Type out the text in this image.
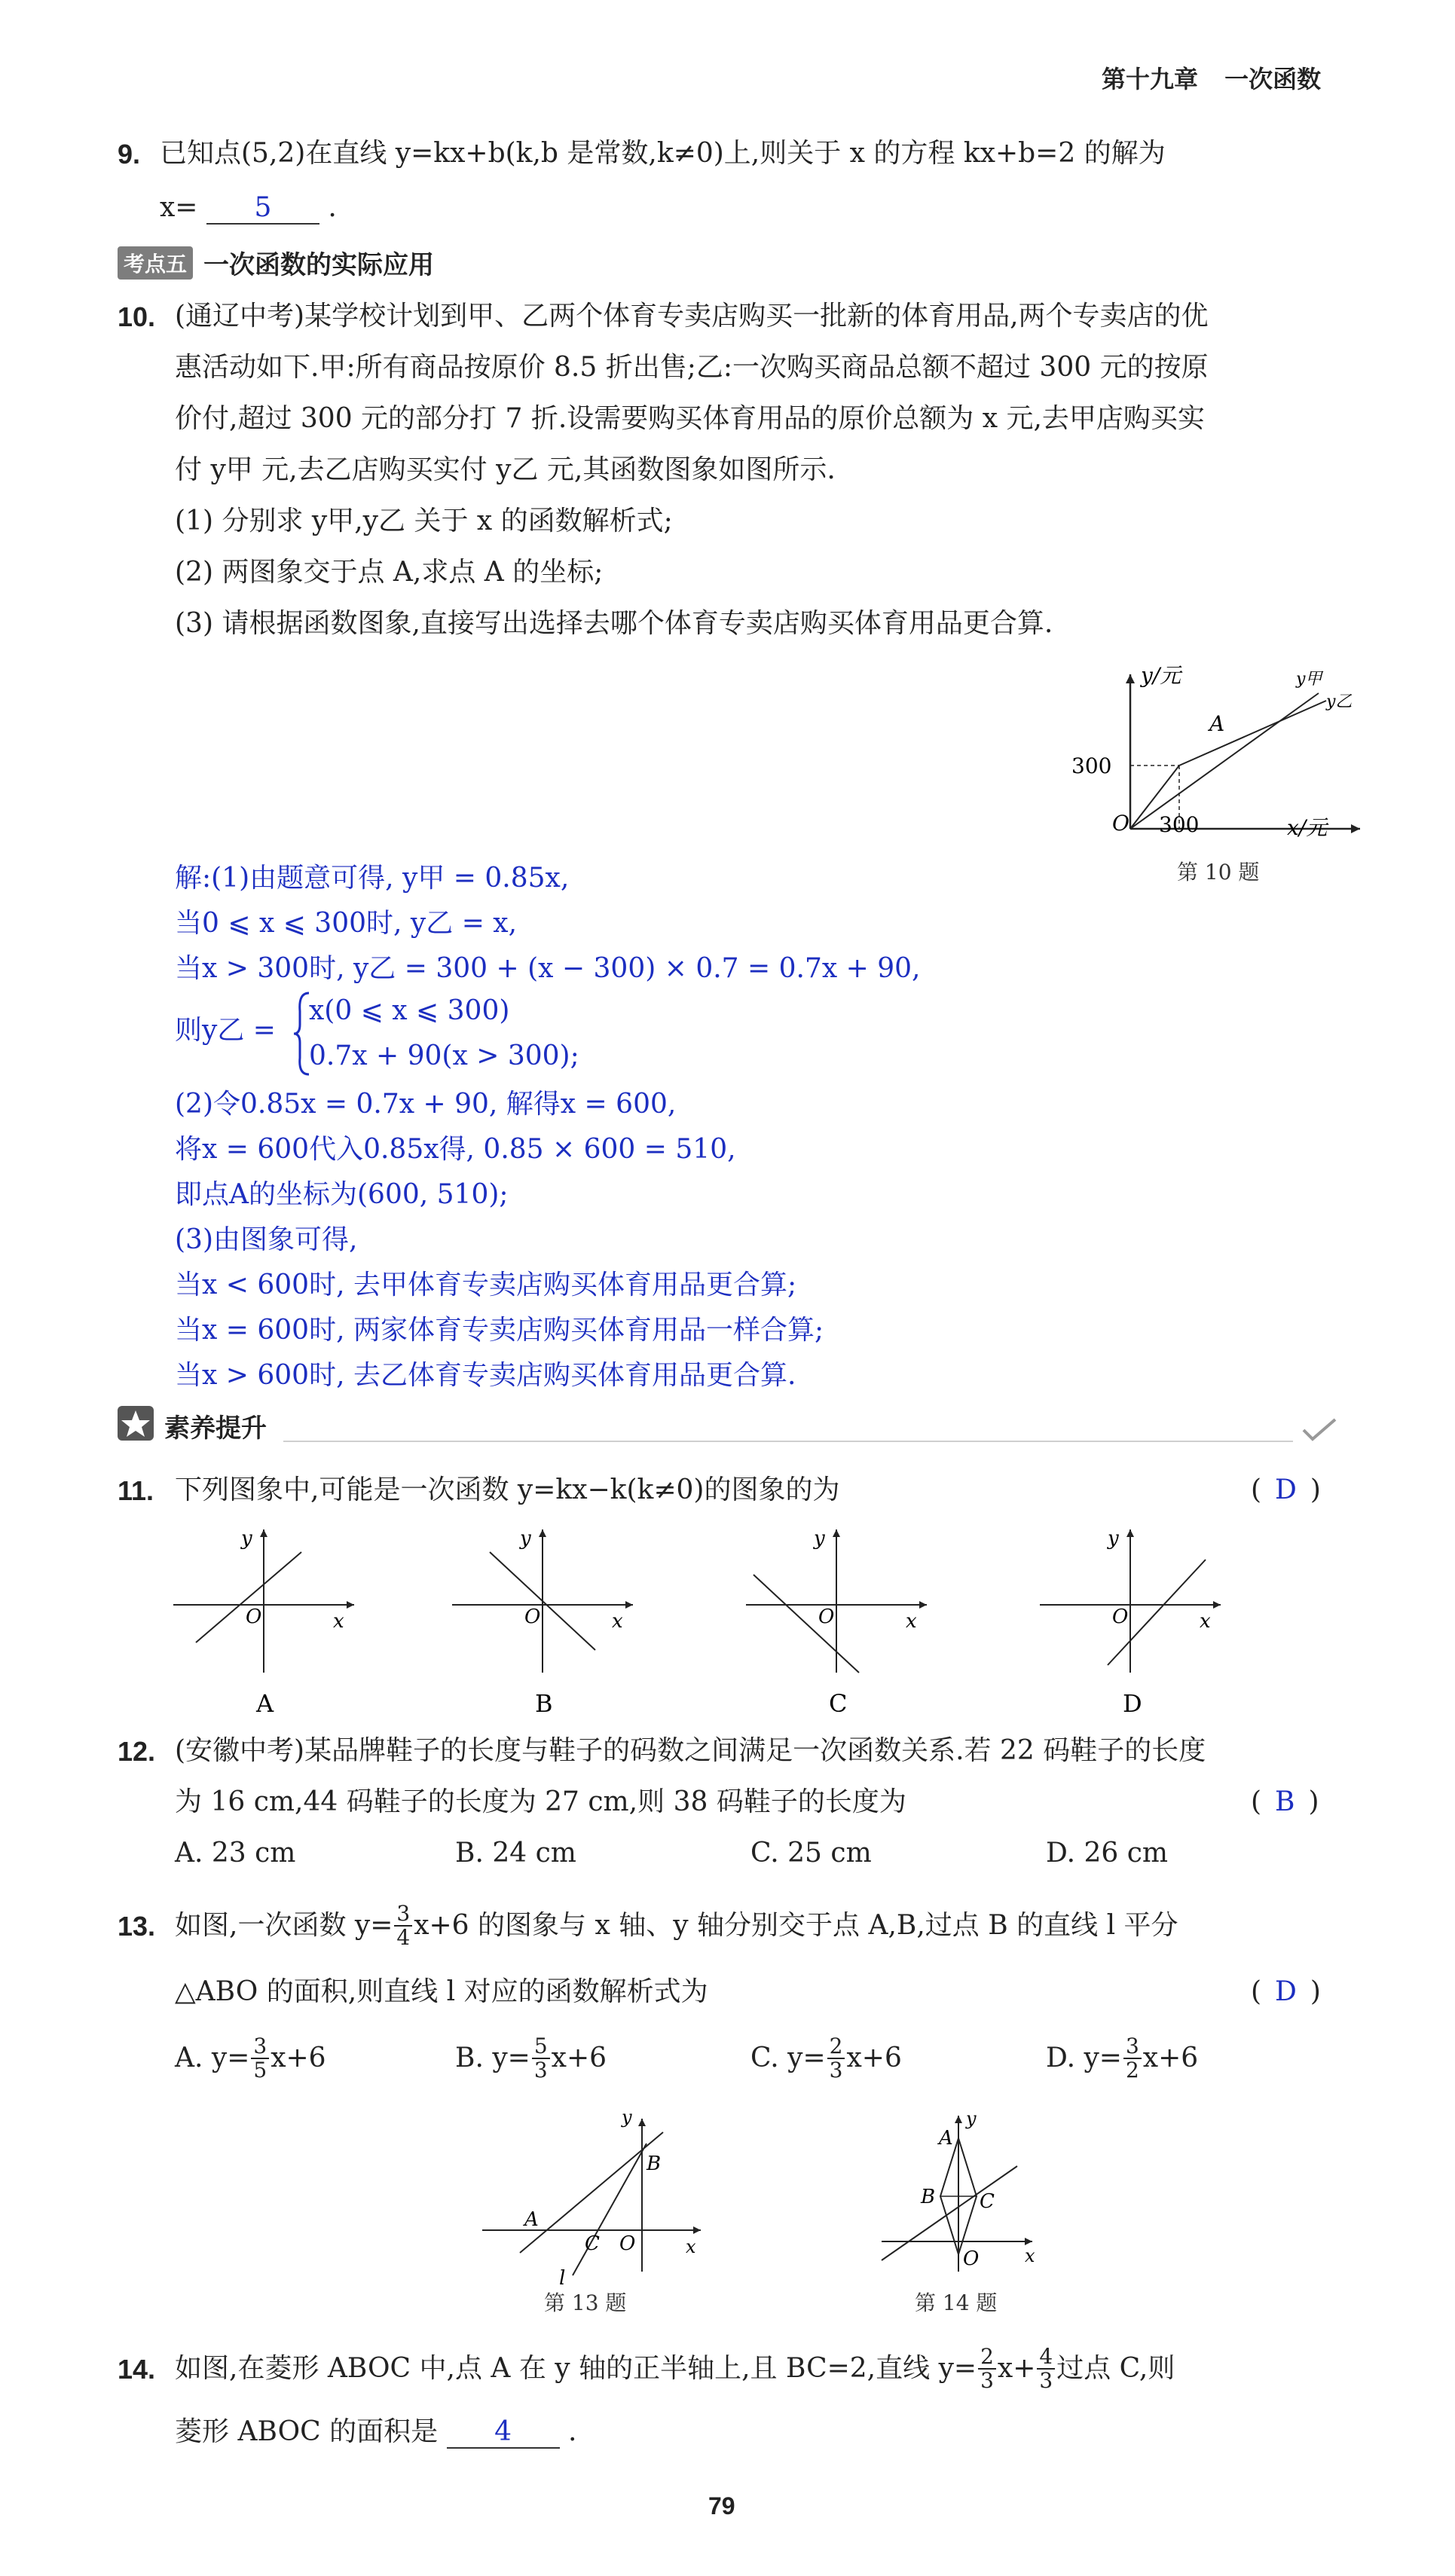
第十九章 一次函数
9. 已知点(5,2)在直线 y=kx+b(k,b 是常数,k≠0)上,则关于 x 的方程 kx+b=2 的解为
x= 5 .
考点五 一次函数的实际应用
10. (通辽中考)某学校计划到甲、乙两个体育专卖店购买一批新的体育用品,两个专卖店的优
惠活动如下.甲:所有商品按原价 8.5 折出售;乙:一次购买商品总额不超过 300 元的按原
价付,超过 300 元的部分打 7 折.设需要购买体育用品的原价总额为 x 元,去甲店购买实
付 y甲 元,去乙店购买实付 y乙 元,其函数图象如图所示.
(1) 分别求 y甲,y乙 关于 x 的函数解析式;
(2) 两图象交于点 A,求点 A 的坐标;
(3) 请根据函数图象,直接写出选择去哪个体育专卖店购买体育用品更合算.
y/元
x/元
O
300
300
A
y甲
y乙
第 10 题
解:(1)由题意可得, y甲 = 0.85x,
当0 ⩽ x ⩽ 300时, y乙 = x,
当x > 300时, y乙 = 300 + (x − 300) × 0.7 = 0.7x + 90,
则y乙 =
x(0 ⩽ x ⩽ 300)
0.7x + 90(x > 300);
(2)令0.85x = 0.7x + 90, 解得x = 600,
将x = 600代入0.85x得, 0.85 × 600 = 510,
即点A的坐标为(600, 510);
(3)由图象可得,
当x < 600时, 去甲体育专卖店购买体育用品更合算;
当x = 600时, 两家体育专卖店购买体育用品一样合算;
当x > 600时, 去乙体育专卖店购买体育用品更合算.
素养提升
11. 下列图象中,可能是一次函数 y=kx−k(k≠0)的图象的为	( D )
O
y
x
A
O
y
x
B
O
y
x
C
O
y
x
D
12. (安徽中考)某品牌鞋子的长度与鞋子的码数之间满足一次函数关系.若 22 码鞋子的长度
为 16 cm,44 码鞋子的长度为 27 cm,则 38 码鞋子的长度为	( B )
A. 23 cm	B. 24 cm	C. 25 cm	D. 26 cm
13. 如图,一次函数 $y= \frac{3}{4} x+6$ 的图象与 x 轴、y 轴分别交于点 A,B,过点 B 的直线 l 平分
△ABO 的面积,则直线 l 对应的函数解析式为	( D )
A. $y= \frac{3}{5} x+6$	B. $y= \frac{5}{3} x+6$	C. $y= \frac{2}{3} x+6$	D. $y= \frac{3}{2} x+6$
y
x
B
A
C O
l
第 13 题
y
x
A
B C
O
第 14 题
14. 如图,在菱形 ABOC 中,点 A 在 y 轴的正半轴上,且 BC=2,直线 $y= \frac{2}{3} x+ \frac{4}{3}$ 过点 C,则
菱形 ABOC 的面积是 4 .
79
